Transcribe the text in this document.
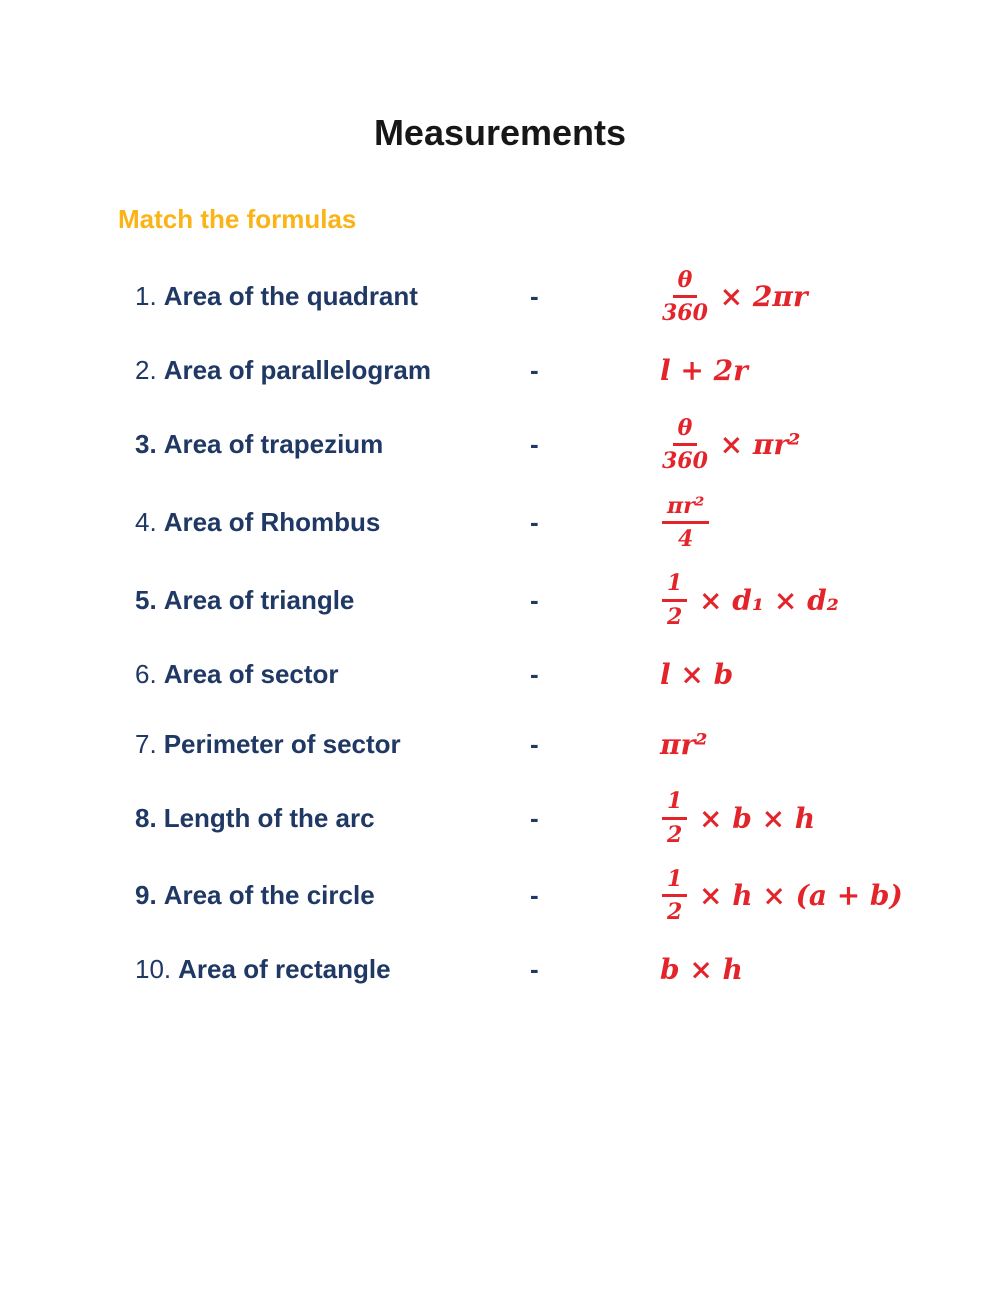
Measurements
Match the formulas
1. Area of the quadrant	-	$\frac{\theta}{360} \times 2\pi r$
2. Area of parallelogram	-	l + 2r
3. Area of trapezium	-	$\frac{\theta}{360} \times \pi r^2$
4. Area of Rhombus	-	$\frac{\text{πr²}}{4}$
5. Area of triangle	-	$\frac{1}{2} \times d_1 \times d_2$
6. Area of sector	-	l × b
7. Perimeter of sector	-	πr²
8. Length of the arc	-	$\frac{1}{2} \times b \times h$
9. Area of the circle	-	$\frac{1}{2} \times h \times (a + b)$
10. Area of rectangle	-	b × h
